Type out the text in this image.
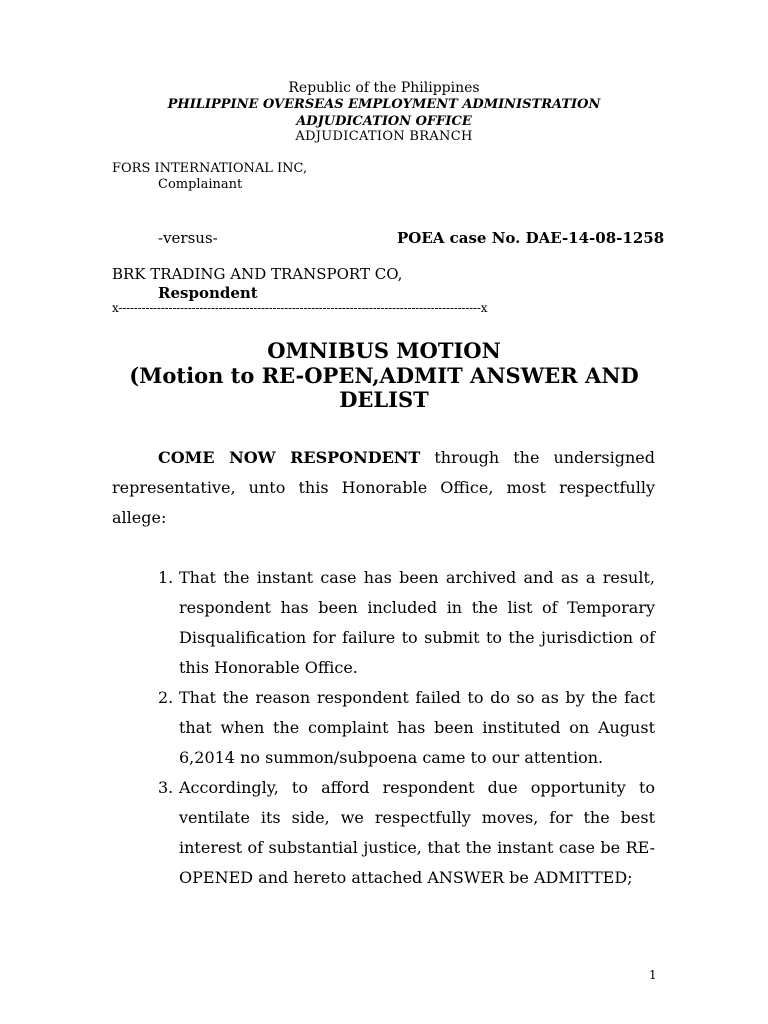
Republic of the Philippines
PHILIPPINE OVERSEAS EMPLOYMENT ADMINISTRATION
ADJUDICATION OFFICE
ADJUDICATION BRANCH
FORS INTERNATIONAL INC,
Complainant
-versus-	POEA case No. DAE-14-08-1258
BRK TRADING AND TRANSPORT CO,
Respondent
x----------------------------------------------------------------------------------------------x
OMNIBUS MOTION
(Motion to RE-OPEN,ADMIT ANSWER AND
DELIST
COME NOW RESPONDENT through the undersigned representative, unto this Honorable Office, most respectfully allege:
1. That the instant case has been archived and as a result, respondent has been included in the list of Temporary Disqualification for failure to submit to the jurisdiction of this Honorable Office.
2. That the reason respondent failed to do so as by the fact that when the complaint has been instituted on August 6,2014 no summon/subpoena came to our attention.
3. Accordingly, to afford respondent due opportunity to ventilate its side, we respectfully moves, for the best interest of substantial justice, that the instant case be RE-OPENED and hereto attached ANSWER be ADMITTED;
1
